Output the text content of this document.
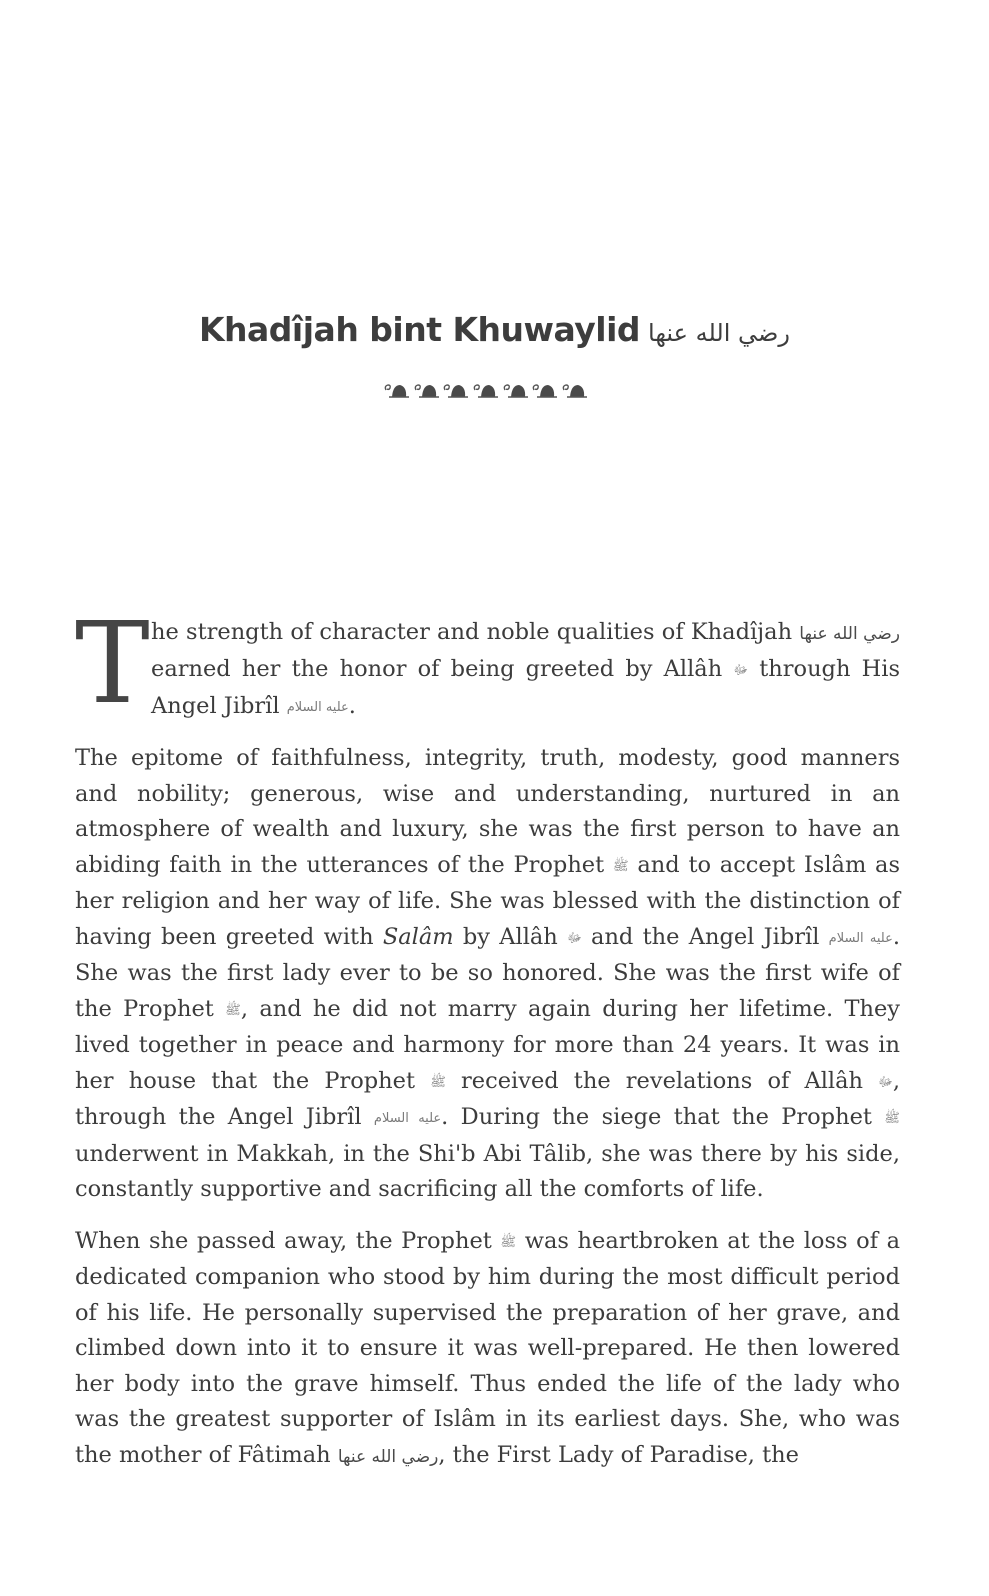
Khadîjah bint Khuwaylid رضي الله عنها

T he strength of character and noble qualities of Khadîjah رضي الله عنها earned her the honor of being greeted by Allâh ﷻ through His Angel Jibrîl عليه السلام.

The epitome of faithfulness, integrity, truth, modesty, good manners and nobility; generous, wise and understanding, nurtured in an atmosphere of wealth and luxury, she was the first person to have an abiding faith in the utterances of the Prophet ﷺ and to accept Islâm as her religion and her way of life. She was blessed with the distinction of having been greeted with Salâm by Allâh ﷻ and the Angel Jibrîl عليه السلام. She was the first lady ever to be so honored. She was the first wife of the Prophet ﷺ, and he did not marry again during her lifetime. They lived together in peace and harmony for more than 24 years. It was in her house that the Prophet ﷺ received the revelations of Allâh ﷻ, through the Angel Jibrîl عليه السلام. During the siege that the Prophet ﷺ underwent in Makkah, in the Shi'b Abi Tâlib, she was there by his side, constantly supportive and sacrificing all the comforts of life.

When she passed away, the Prophet ﷺ was heartbroken at the loss of a dedicated companion who stood by him during the most difficult period of his life. He personally supervised the preparation of her grave, and climbed down into it to ensure it was well-prepared. He then lowered her body into the grave himself. Thus ended the life of the lady who was the greatest supporter of Islâm in its earliest days. She, who was the mother of Fâtimah رضي الله عنها, the First Lady of Paradise, the
